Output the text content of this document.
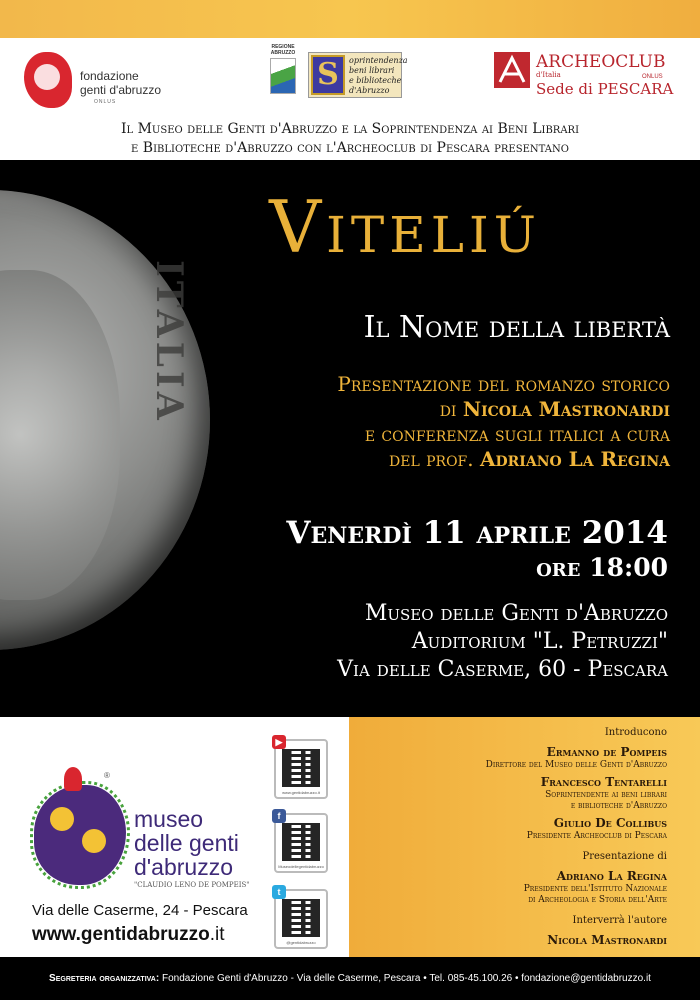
fondazione
genti d'abruzzo
ONLUS
REGIONE ABRUZZO
S	oprintendenza
beni librari
e biblioteche
d'Abruzzo
ARCHEOCLUB
d'Italia	ONLUS
Sede di PESCARA
Il Museo delle Genti d'Abruzzo e la Soprintendenza ai Beni Librari
e Biblioteche d'Abruzzo con l'Archeoclub di Pescara presentano
ITALIA
Viteliú
Il Nome della libertà
Presentazione del romanzo storico
di Nicola Mastronardi
e conferenza sugli italici a cura
del prof. Adriano La Regina
Venerdì 11 aprile 2014
ore 18:00
Museo delle Genti d'Abruzzo
Auditorium "L. Petruzzi"
Via delle Caserme, 60 - Pescara
®
museo
delle genti
d'abruzzo
"CLAUDIO LENO DE POMPEIS"
Via delle Caserme, 24 - Pescara
www.gentidabruzzo.it
▶
www.gentidabruzzo.it
f
Museodellegentidabruzzo
t
@gentidabruzzo
Introducono
Ermanno de Pompeis
Direttore del Museo delle Genti d'Abruzzo
Francesco Tentarelli
Soprintendente ai beni librari
e biblioteche d'Abruzzo
Giulio De Collibus
Presidente Archeoclub di Pescara
Presentazione di
Adriano La Regina
Presidente dell'Istituto Nazionale
di Archeologia e Storia dell'Arte
Interverrà l'autore
Nicola Mastronardi
Segreteria organizzativa: Fondazione Genti d'Abruzzo - Via delle Caserme, Pescara • Tel. 085-45.100.26 • fondazione@gentidabruzzo.it
